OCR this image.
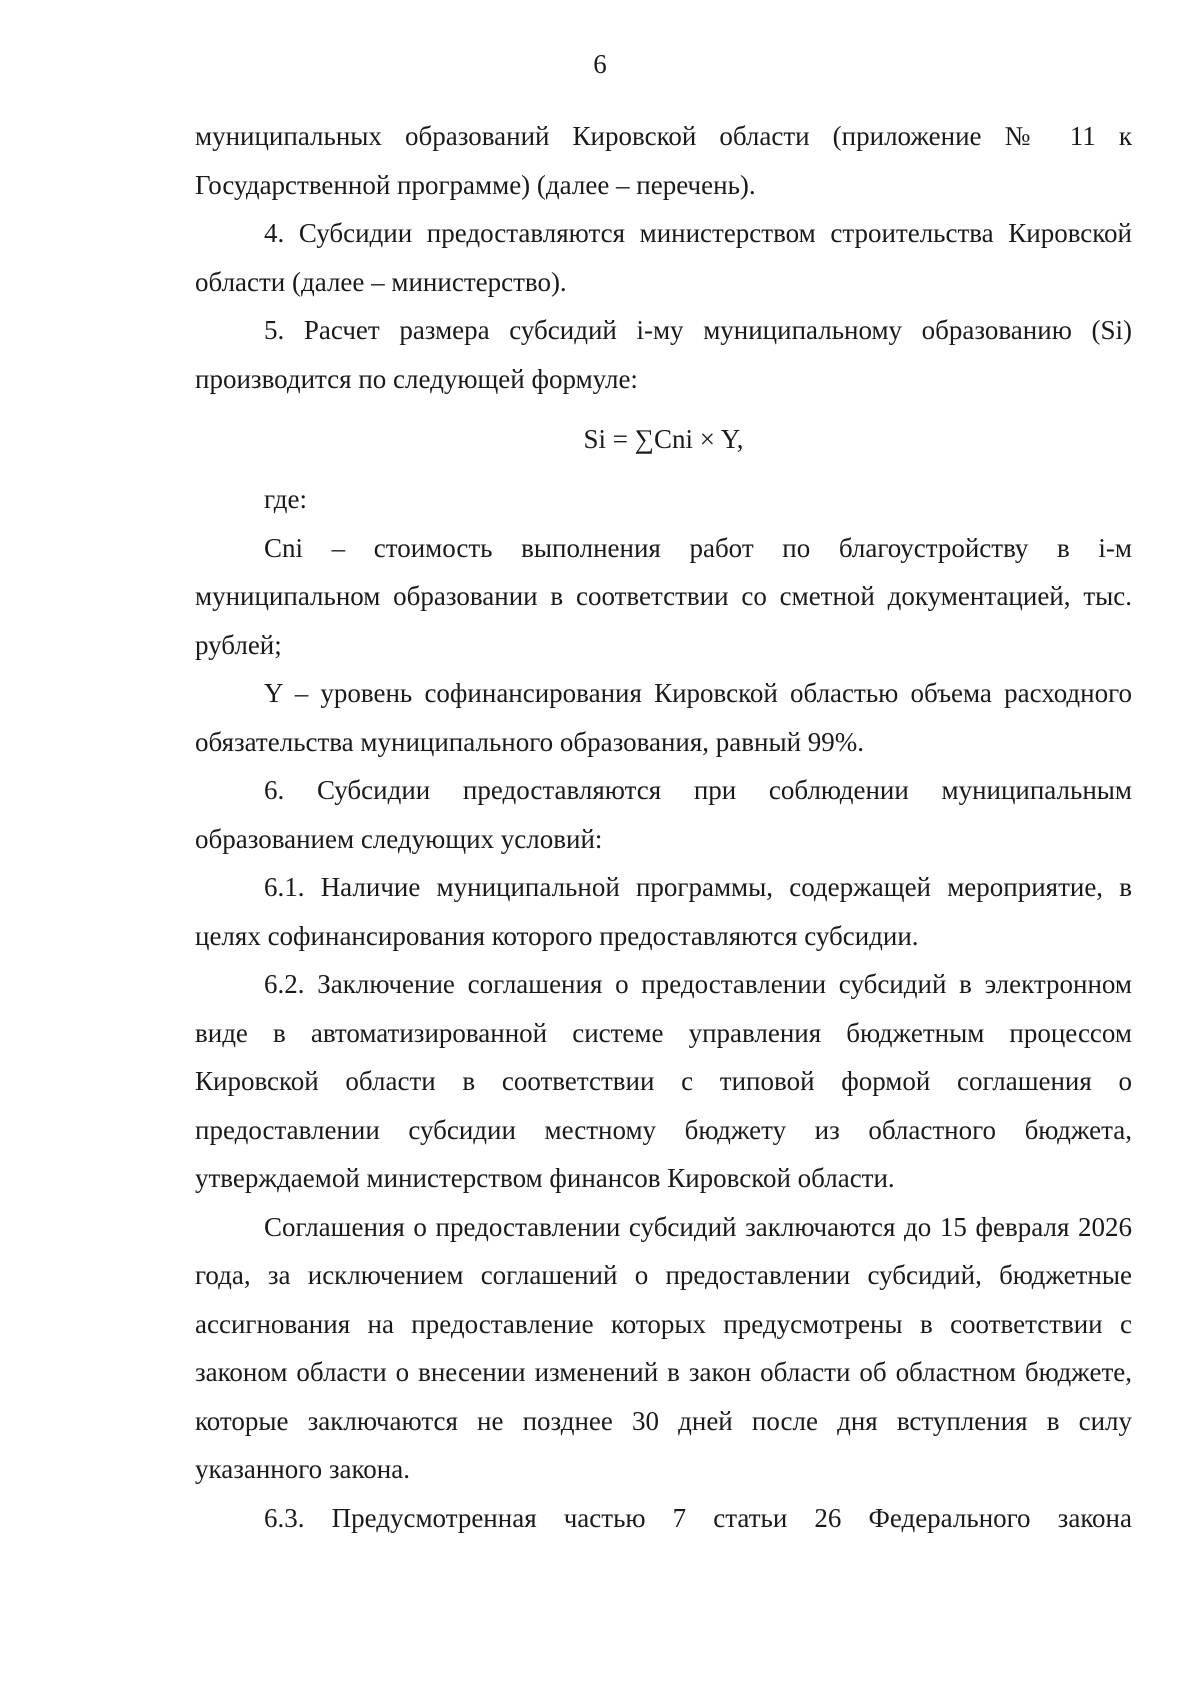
6

муниципальных образований Кировской области (приложение № 11 к Государственной программе) (далее – перечень).

4. Субсидии предоставляются министерством строительства Кировской области (далее – министерство).

5. Расчет размера субсидий i-му муниципальному образованию (Si) производится по следующей формуле:

Si = ∑Cni × Y,

где:

Cni – стоимость выполнения работ по благоустройству в i-м муниципальном образовании в соответствии со сметной документацией, тыс. рублей;

Y – уровень софинансирования Кировской областью объема расходного обязательства муниципального образования, равный 99%.

6. Субсидии предоставляются при соблюдении муниципальным образованием следующих условий:

6.1. Наличие муниципальной программы, содержащей мероприятие, в целях софинансирования которого предоставляются субсидии.

6.2. Заключение соглашения о предоставлении субсидий в электронном виде в автоматизированной системе управления бюджетным процессом Кировской области в соответствии с типовой формой соглашения о предоставлении субсидии местному бюджету из областного бюджета, утверждаемой министерством финансов Кировской области.

Соглашения о предоставлении субсидий заключаются до 15 февраля 2026 года, за исключением соглашений о предоставлении субсидий, бюджетные ассигнования на предоставление которых предусмотрены в соответствии с законом области о внесении изменений в закон области об областном бюджете, которые заключаются не позднее 30 дней после дня вступления в силу указанного закона.

6.3. Предусмотренная частью 7 статьи 26 Федерального закона
